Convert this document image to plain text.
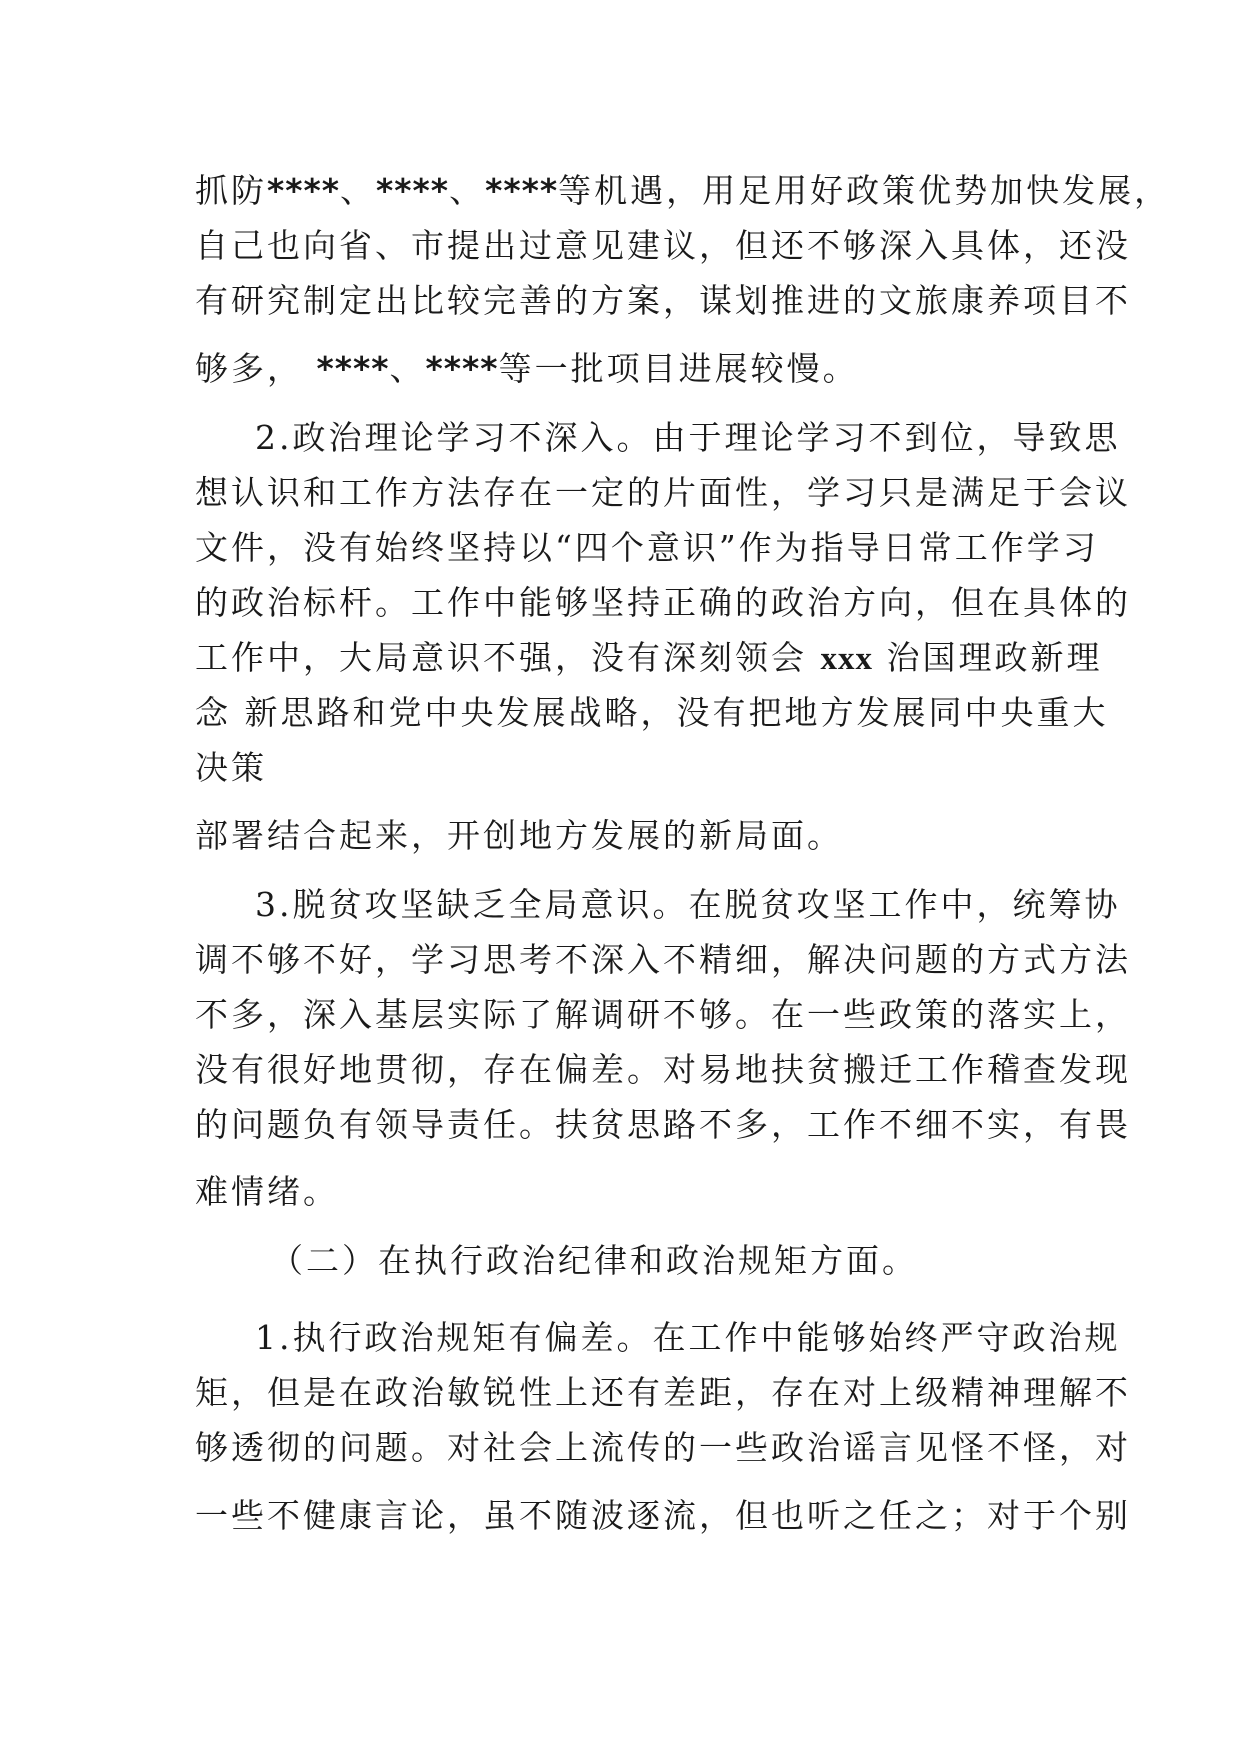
抓防****、****、****等机遇，用足用好政策优势加快发展，
自己也向省、市提出过意见建议，但还不够深入具体，还没
有研究制定出比较完善的方案，谋划推进的文旅康养项目不
够多， ****、****等一批项目进展较慢。
2.政治理论学习不深入。由于理论学习不到位，导致思
想认识和工作方法存在一定的片面性，学习只是满足于会议
文件，没有始终坚持以“四个意识”作为指导日常工作学习
的政治标杆。工作中能够坚持正确的政治方向，但在具体的
工作中，大局意识不强，没有深刻领会 xxx 治国理政新理
念 新思路和党中央发展战略，没有把地方发展同中央重大
决策
部署结合起来，开创地方发展的新局面。
3.脱贫攻坚缺乏全局意识。在脱贫攻坚工作中，统筹协
调不够不好，学习思考不深入不精细，解决问题的方式方法
不多，深入基层实际了解调研不够。在一些政策的落实上，
没有很好地贯彻，存在偏差。对易地扶贫搬迁工作稽查发现
的问题负有领导责任。扶贫思路不多，工作不细不实，有畏
难情绪。
（二）在执行政治纪律和政治规矩方面。
1.执行政治规矩有偏差。在工作中能够始终严守政治规
矩，但是在政治敏锐性上还有差距，存在对上级精神理解不
够透彻的问题。对社会上流传的一些政治谣言见怪不怪，对
一些不健康言论，虽不随波逐流，但也听之任之；对于个别
